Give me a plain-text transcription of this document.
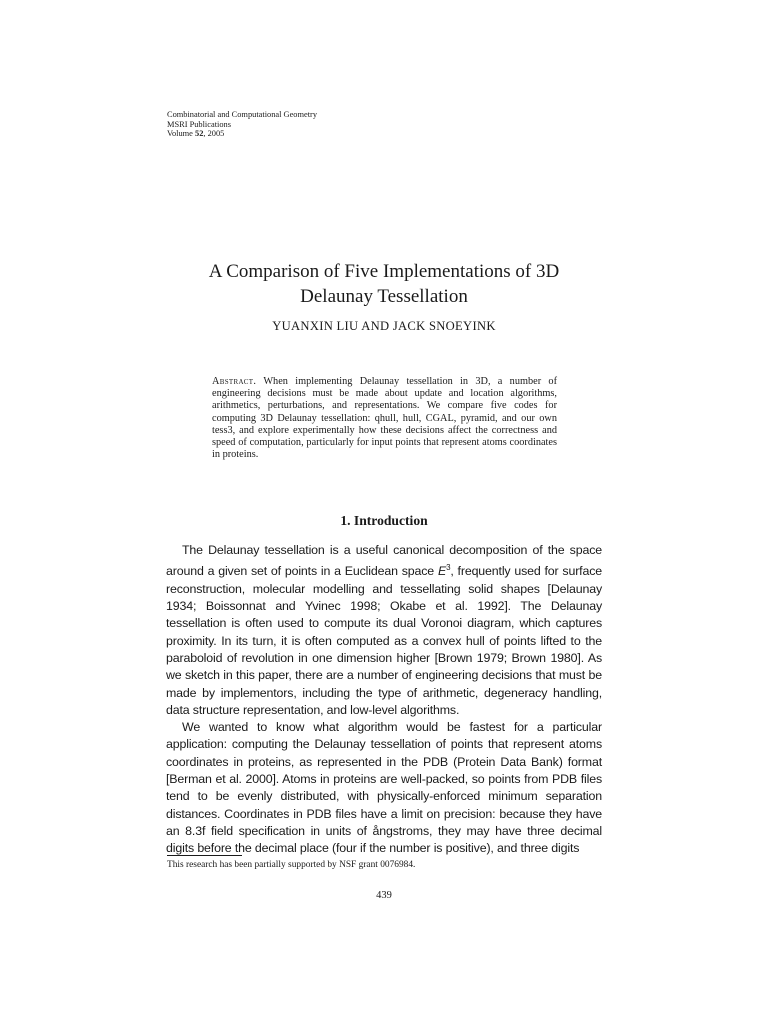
Combinatorial and Computational Geometry
MSRI Publications
Volume 52, 2005
A Comparison of Five Implementations of 3D
Delaunay Tessellation

YUANXIN LIU AND JACK SNOEYINK

Abstract. When implementing Delaunay tessellation in 3D, a number of engineering decisions must be made about update and location algorithms, arithmetics, perturbations, and representations. We compare five codes for computing 3D Delaunay tessellation: qhull, hull, CGAL, pyramid, and our own tess3, and explore experimentally how these decisions affect the correctness and speed of computation, particularly for input points that represent atoms coordinates in proteins.

1. Introduction

The Delaunay tessellation is a useful canonical decomposition of the space around a given set of points in a Euclidean space $E^3$, frequently used for surface reconstruction, molecular modelling and tessellating solid shapes [Delaunay 1934; Boissonnat and Yvinec 1998; Okabe et al. 1992]. The Delaunay tessellation is often used to compute its dual Voronoi diagram, which captures proximity. In its turn, it is often computed as a convex hull of points lifted to the paraboloid of revolution in one dimension higher [Brown 1979; Brown 1980]. As we sketch in this paper, there are a number of engineering decisions that must be made by implementors, including the type of arithmetic, degeneracy handling, data structure representation, and low-level algorithms.

We wanted to know what algorithm would be fastest for a particular application: computing the Delaunay tessellation of points that represent atoms coordinates in proteins, as represented in the PDB (Protein Data Bank) format [Berman et al. 2000]. Atoms in proteins are well-packed, so points from PDB files tend to be evenly distributed, with physically-enforced minimum separation distances. Coordinates in PDB files have a limit on precision: because they have an 8.3f field specification in units of ångstroms, they may have three decimal digits before the decimal place (four if the number is positive), and three digits

This research has been partially supported by NSF grant 0076984.

439
